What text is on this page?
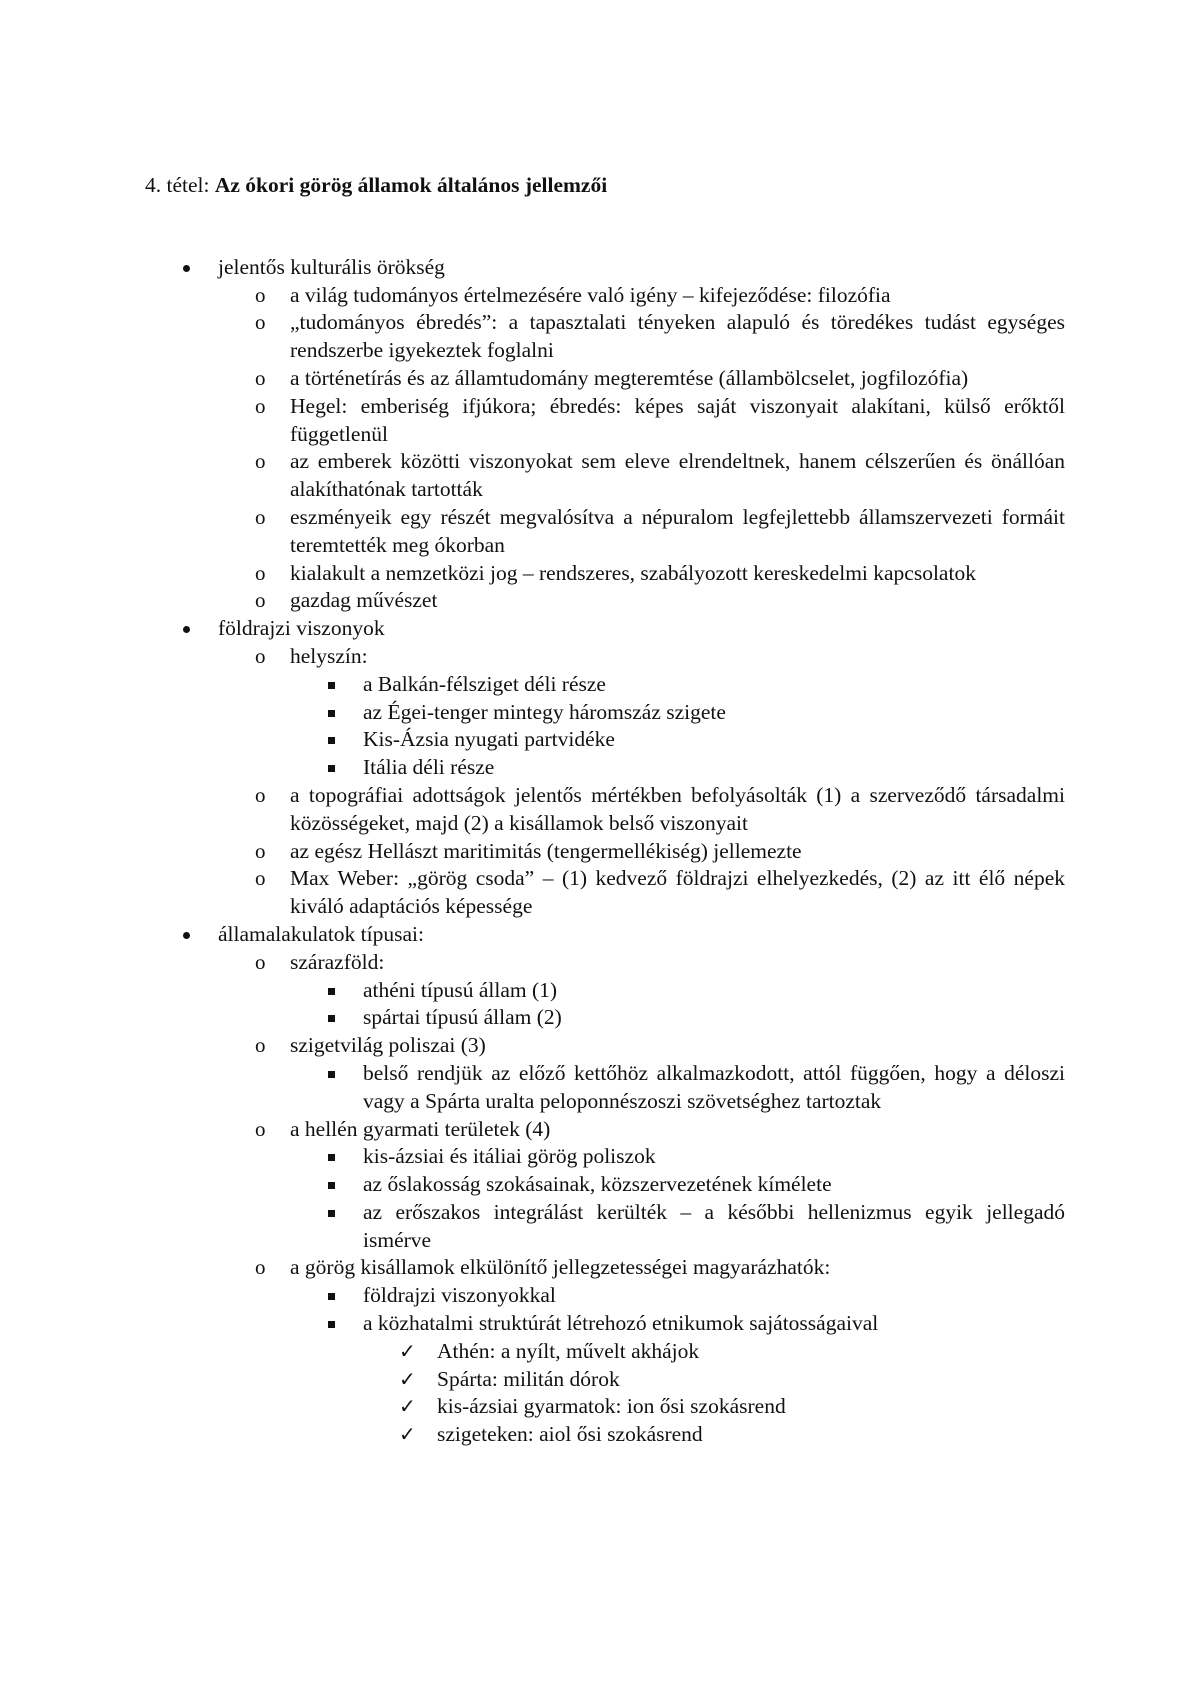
4. tétel: Az ókori görög államok általános jellemzői
jelentős kulturális örökség
o a világ tudományos értelmezésére való igény – kifejeződése: filozófia
o „tudományos ébredés”: a tapasztalati tényeken alapuló és töredékes tudást egységes rendszerbe igyekeztek foglalni
o a történetírás és az államtudomány megteremtése (állambölcselet, jogfilozófia)
o Hegel: emberiség ifjúkora; ébredés: képes saját viszonyait alakítani, külső erőktől függetlenül
o az emberek közötti viszonyokat sem eleve elrendeltnek, hanem célszerűen és önállóan alakíthatónak tartották
o eszményeik egy részét megvalósítva a népuralom legfejlettebb államszervezeti formáit teremtették meg ókorban
o kialakult a nemzetközi jog – rendszeres, szabályozott kereskedelmi kapcsolatok
o gazdag művészet
földrajzi viszonyok
o helyszín:
a Balkán-félsziget déli része
az Égei-tenger mintegy háromszáz szigete
Kis-Ázsia nyugati partvidéke
Itália déli része
o a topográfiai adottságok jelentős mértékben befolyásolták (1) a szerveződő társadalmi közösségeket, majd (2) a kisállamok belső viszonyait
o az egész Hellászt maritimitás (tengermellékiség) jellemezte
o Max Weber: „görög csoda” – (1) kedvező földrajzi elhelyezkedés, (2) az itt élő népek kiváló adaptációs képessége
államalakulatok típusai:
o szárazföld:
athéni típusú állam (1)
spártai típusú állam (2)
o szigetvilág poliszai (3)
belső rendjük az előző kettőhöz alkalmazkodott, attól függően, hogy a déloszi vagy a Spárta uralta peloponnészoszi szövetséghez tartoztak
o a hellén gyarmati területek (4)
kis-ázsiai és itáliai görög poliszok
az őslakosság szokásainak, közszervezetének kímélete
az erőszakos integrálást kerülték – a későbbi hellenizmus egyik jellegadó ismérve
o a görög kisállamok elkülönítő jellegzetességei magyarázhatók:
földrajzi viszonyokkal
a közhatalmi struktúrát létrehozó etnikumok sajátosságaival
✓ Athén: a nyílt, művelt akhájok
✓ Spárta: militán dórok
✓ kis-ázsiai gyarmatok: ion ősi szokásrend
✓ szigeteken: aiol ősi szokásrend
